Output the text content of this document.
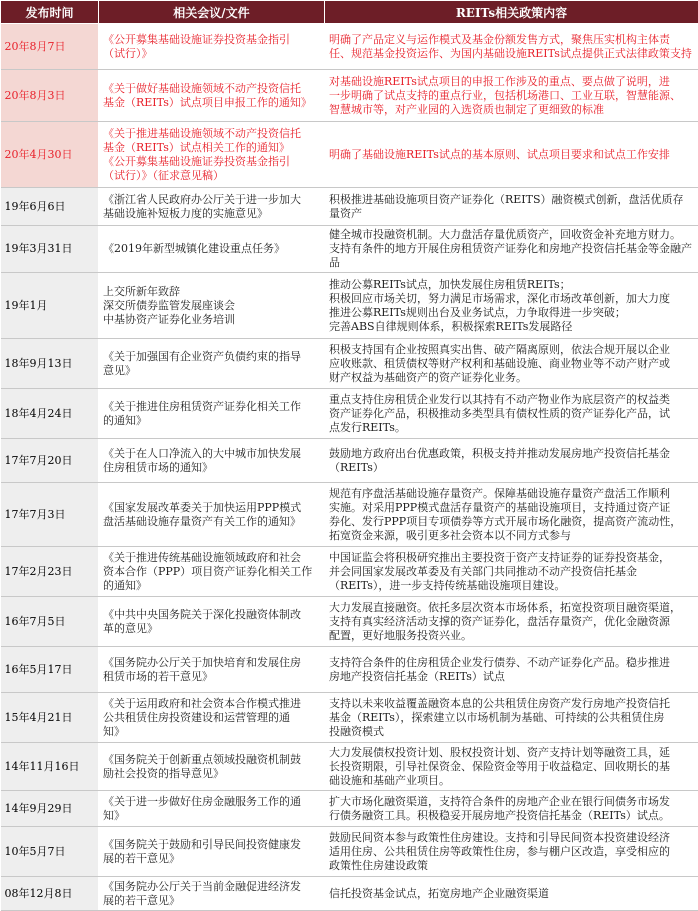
发布时间	相关会议/文件	REITs相关政策内容
20年8月7日	《公开募集基础设施证券投资基金指引
（试行）》	明确了产品定义与运作模式及基金份额发售方式，聚焦压实机构主体责
任、规范基金投资运作、为国内基础设施REITs试点提供正式法律政策支持

20年8月3日	《关于做好基础设施领域不动产投资信托
基金（REITs）试点项目申报工作的通知》	对基础设施REITs试点项目的申报工作涉及的重点、要点做了说明，进
一步明确了试点支持的重点行业，包括机场港口、工业互联，智慧能源、
智慧城市等，对产业园的入选资质也制定了更细致的标准

20年4月30日	《关于推进基础设施领域不动产投资信托
基金（REITs）试点相关工作的通知》
《公开募集基础设施证券投资基金指引
（试行）》（征求意见稿）	明确了基础设施REITs试点的基本原则、试点项目要求和试点工作安排

19年6月6日	《浙江省人民政府办公厅关于进一步加大
基础设施补短板力度的实施意见》	积极推进基础设施项目资产证券化（REITS）融资模式创新，盘活优质存
量资产

19年3月31日	《2019年新型城镇化建设重点任务》	健全城市投融资机制。大力盘活存量优质资产，回收资金补充地方财力。
支持有条件的地方开展住房租赁资产证券化和房地产投资信托基金等金融产品

19年1月	上交所新年致辞
深交所债券监管发展座谈会
中基协资产证券化业务培训	推动公募REITs试点，加快发展住房租赁REITs；
积极回应市场关切，努力满足市场需求，深化市场改革创新，加大力度
推进公募REITs规则出台及业务试点，力争取得进一步突破；
完善ABS自律规则体系，积极探索REITs发展路径

18年9月13日	《关于加强国有企业资产负债约束的指导
意见》	积极支持国有企业按照真实出售、破产隔离原则，依法合规开展以企业
应收账款、租赁债权等财产权利和基础设施、商业物业等不动产财产或
财产权益为基础资产的资产证券化业务。

18年4月24日	《关于推进住房租赁资产证券化相关工作
的通知》	重点支持住房租赁企业发行以其持有不动产物业作为底层资产的权益类
资产证券化产品，积极推动多类型具有债权性质的资产证券化产品，试
点发行REITs。

17年7月20日	《关于在人口净流入的大中城市加快发展
住房租赁市场的通知》	鼓励地方政府出台优惠政策，积极支持并推动发展房地产投资信托基金
（REITs）

17年7月3日	《国家发展改革委关于加快运用PPP模式
盘活基础设施存量资产有关工作的通知》	规范有序盘活基础设施存量资产。保障基础设施存量资产盘活工作顺利
实施。对采用PPP模式盘活存量资产的基础设施项目，支持通过资产证
券化、发行PPP项目专项债券等方式开展市场化融资，提高资产流动性，
拓宽资金来源，吸引更多社会资本以不同方式参与

17年2月23日	《关于推进传统基础设施领域政府和社会
资本合作（PPP）项目资产证券化相关工作
的通知》	中国证监会将积极研究推出主要投资于资产支持证券的证券投资基金，
并会同国家发展改革委及有关部门共同推动不动产投资信托基金
（REITs），进一步支持传统基础设施项目建设。

16年7月5日	《中共中央国务院关于深化投融资体制改
革的意见》	大力发展直接融资。依托多层次资本市场体系，拓宽投资项目融资渠道，
支持有真实经济活动支撑的资产证券化，盘活存量资产，优化金融资源
配置，更好地服务投资兴业。

16年5月17日	《国务院办公厅关于加快培育和发展住房
租赁市场的若干意见》	支持符合条件的住房租赁企业发行债券、不动产证券化产品。稳步推进
房地产投资信托基金（REITs）试点

15年4月21日	《关于运用政府和社会资本合作模式推进
公共租赁住房投资建设和运营管理的通
知》	支持以未来收益覆盖融资本息的公共租赁住房资产发行房地产投资信托
基金（REITs），探索建立以市场机制为基础、可持续的公共租赁住房
投融资模式

14年11月16日	《国务院关于创新重点领域投融资机制鼓
励社会投资的指导意见》	大力发展债权投资计划、股权投资计划、资产支持计划等融资工具，延
长投资期限，引导社保资金、保险资金等用于收益稳定、回收期长的基
础设施和基础产业项目。

14年9月29日	《关于进一步做好住房金融服务工作的通
知》	扩大市场化融资渠道，支持符合条件的房地产企业在银行间债务市场发
行债务融资工具。积极稳妥开展房地产投资信托基金（REITs）试点。

10年5月7日	《国务院关于鼓励和引导民间投资健康发
展的若干意见》	鼓励民间资本参与政策性住房建设。支持和引导民间资本投资建设经济
适用住房、公共租赁住房等政策性住房，参与棚户区改造，享受相应的
政策性住房建设政策

08年12月8日	《国务院办公厅关于当前金融促进经济发
展的若干意见》	信托投资基金试点，拓宽房地产企业融资渠道
